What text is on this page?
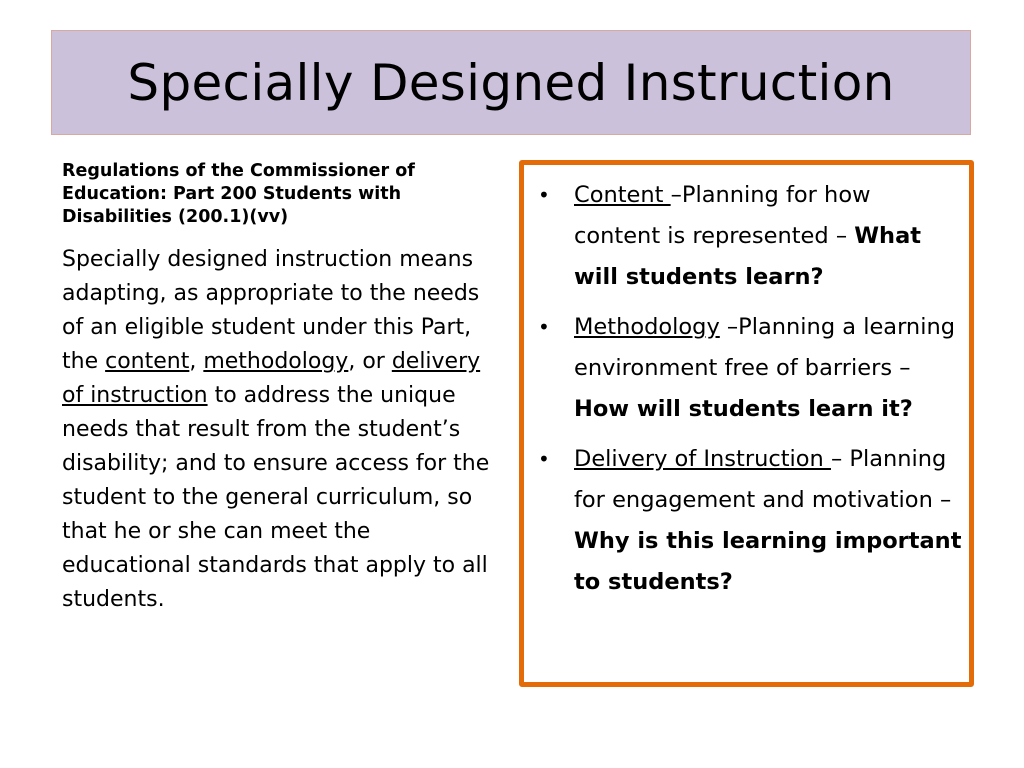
Specially Designed Instruction

Regulations of the Commissioner of Education: Part 200 Students with Disabilities (200.1)(vv)

Specially designed instruction means adapting, as appropriate to the needs of an eligible student under this Part, the content, methodology, or delivery of instruction to address the unique needs that result from the student’s disability; and to ensure access for the student to the general curriculum, so that he or she can meet the educational standards that apply to all students.

• Content –Planning for how content is represented – What will students learn?
• Methodology –Planning a learning environment free of barriers – How will students learn it?
• Delivery of Instruction – Planning for engagement and motivation – Why is this learning important to students?
